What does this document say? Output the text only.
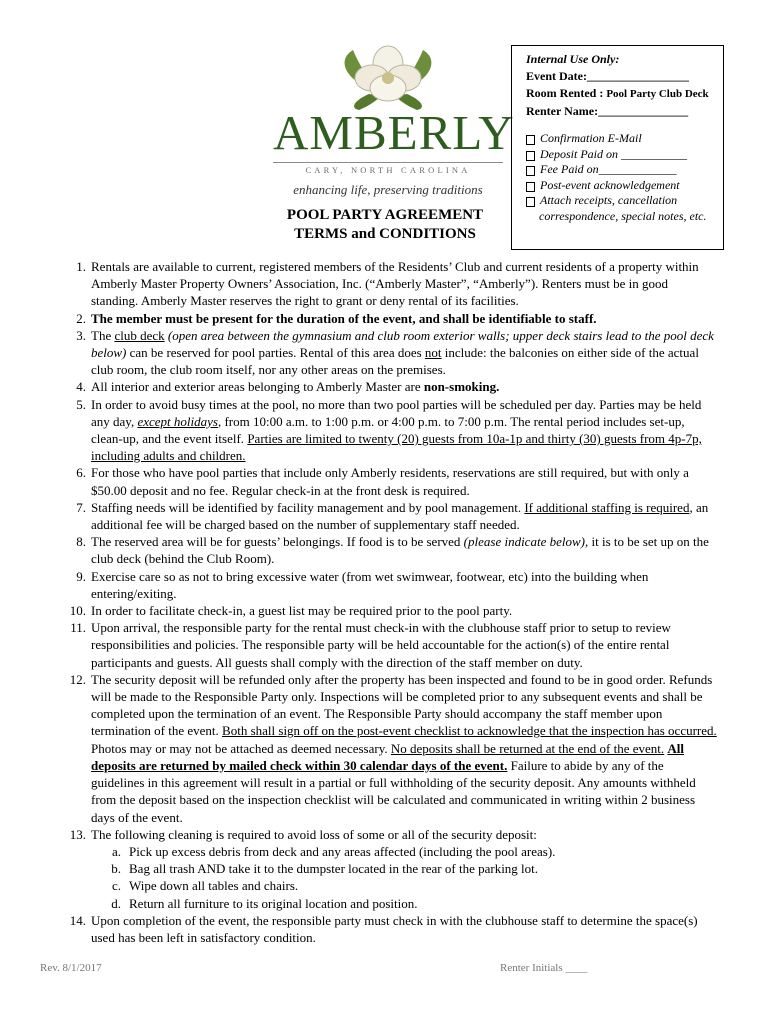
AMBERLY
CARY, NORTH CAROLINA
enhancing life, preserving traditions
POOL PARTY AGREEMENT
TERMS and CONDITIONS
Internal Use Only:
Event Date:_________________
Room Rented : Pool Party Club Deck
Renter Name:_______________
Confirmation E-Mail
Deposit Paid on ___________
Fee Paid on_____________
Post-event acknowledgement
Attach receipts, cancellation
correspondence, special notes, etc.
1. Rentals are available to current, registered members of the Residents’ Club and current residents of a property within Amberly Master Property Owners’ Association, Inc. (“Amberly Master”, “Amberly”). Renters must be in good standing. Amberly Master reserves the right to grant or deny rental of its facilities.
2. The member must be present for the duration of the event, and shall be identifiable to staff.
3. The club deck (open area between the gymnasium and club room exterior walls; upper deck stairs lead to the pool deck below) can be reserved for pool parties. Rental of this area does not include: the balconies on either side of the actual club room, the club room itself, nor any other areas on the premises.
4. All interior and exterior areas belonging to Amberly Master are non-smoking.
5. In order to avoid busy times at the pool, no more than two pool parties will be scheduled per day. Parties may be held any day, except holidays, from 10:00 a.m. to 1:00 p.m. or 4:00 p.m. to 7:00 p.m. The rental period includes set-up, clean-up, and the event itself. Parties are limited to twenty (20) guests from 10a-1p and thirty (30) guests from 4p-7p, including adults and children.
6. For those who have pool parties that include only Amberly residents, reservations are still required, but with only a $50.00 deposit and no fee. Regular check-in at the front desk is required.
7. Staffing needs will be identified by facility management and by pool management. If additional staffing is required, an additional fee will be charged based on the number of supplementary staff needed.
8. The reserved area will be for guests’ belongings. If food is to be served (please indicate below), it is to be set up on the club deck (behind the Club Room).
9. Exercise care so as not to bring excessive water (from wet swimwear, footwear, etc) into the building when entering/exiting.
10. In order to facilitate check-in, a guest list may be required prior to the pool party.
11. Upon arrival, the responsible party for the rental must check-in with the clubhouse staff prior to setup to review responsibilities and policies. The responsible party will be held accountable for the action(s) of the entire rental participants and guests. All guests shall comply with the direction of the staff member on duty.
12. The security deposit will be refunded only after the property has been inspected and found to be in good order. Refunds will be made to the Responsible Party only. Inspections will be completed prior to any subsequent events and shall be completed upon the termination of an event. The Responsible Party should accompany the staff member upon termination of the event. Both shall sign off on the post-event checklist to acknowledge that the inspection has occurred. Photos may or may not be attached as deemed necessary. No deposits shall be returned at the end of the event. All deposits are returned by mailed check within 30 calendar days of the event. Failure to abide by any of the guidelines in this agreement will result in a partial or full withholding of the security deposit. Any amounts withheld from the deposit based on the inspection checklist will be calculated and communicated in writing within 2 business days of the event.
13. The following cleaning is required to avoid loss of some or all of the security deposit:
a. Pick up excess debris from deck and any areas affected (including the pool areas).
b. Bag all trash AND take it to the dumpster located in the rear of the parking lot.
c. Wipe down all tables and chairs.
d. Return all furniture to its original location and position.
14. Upon completion of the event, the responsible party must check in with the clubhouse staff to determine the space(s) used has been left in satisfactory condition.
Rev. 8/1/2017	Renter Initials ____
